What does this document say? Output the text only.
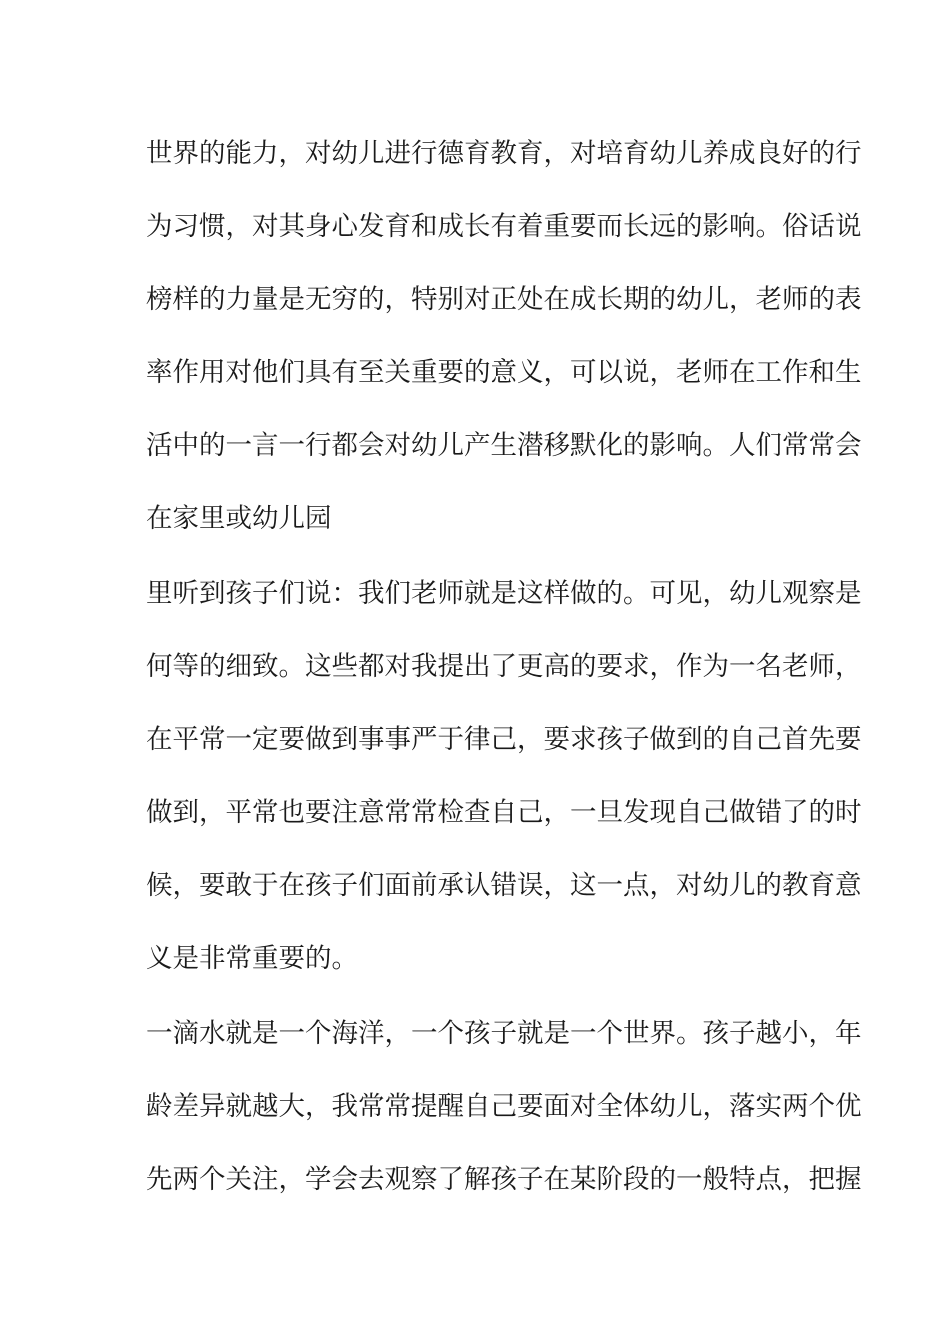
世界的能力，对幼儿进行德育教育，对培育幼儿养成良好的行
为习惯，对其身心发育和成长有着重要而长远的影响。俗话说
榜样的力量是无穷的，特别对正处在成长期的幼儿，老师的表
率作用对他们具有至关重要的意义，可以说，老师在工作和生
活中的一言一行都会对幼儿产生潜移默化的影响。人们常常会
在家里或幼儿园
里听到孩子们说：我们老师就是这样做的。可见，幼儿观察是
何等的细致。这些都对我提出了更高的要求，作为一名老师，
在平常一定要做到事事严于律己，要求孩子做到的自己首先要
做到，平常也要注意常常检查自己，一旦发现自己做错了的时
候，要敢于在孩子们面前承认错误，这一点，对幼儿的教育意
义是非常重要的。
一滴水就是一个海洋，一个孩子就是一个世界。孩子越小，年
龄差异就越大，我常常提醒自己要面对全体幼儿，落实两个优
先两个关注，学会去观察了解孩子在某阶段的一般特点，把握
